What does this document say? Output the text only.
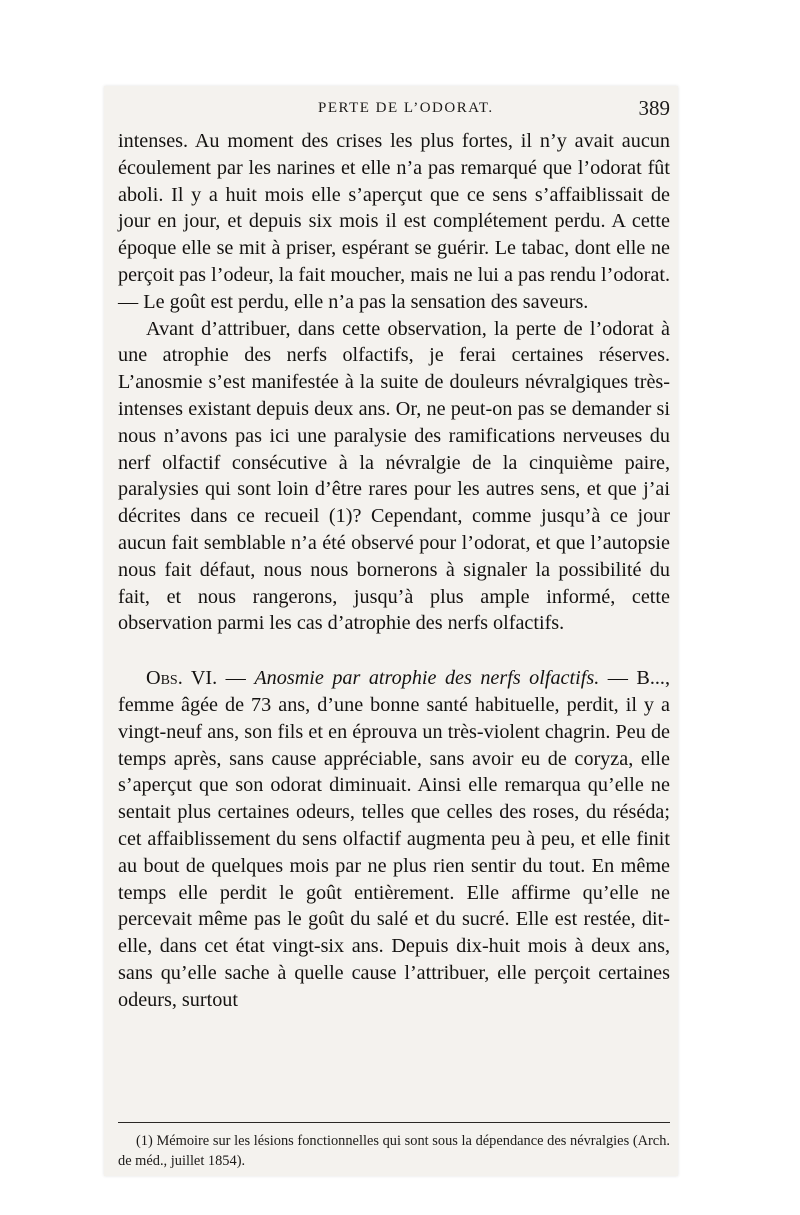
PERTE DE L’ODORAT.	389

intenses. Au moment des crises les plus fortes, il n’y avait aucun écoulement par les narines et elle n’a pas remarqué que l’odorat fût aboli. Il y a huit mois elle s’aperçut que ce sens s’affaiblissait de jour en jour, et depuis six mois il est complétement perdu. A cette époque elle se mit à priser, espérant se guérir. Le tabac, dont elle ne perçoit pas l’odeur, la fait moucher, mais ne lui a pas rendu l’odorat.— Le goût est perdu, elle n’a pas la sensation des saveurs.

Avant d’attribuer, dans cette observation, la perte de l’odorat à une atrophie des nerfs olfactifs, je ferai certaines réserves. L’anosmie s’est manifestée à la suite de douleurs névralgiques très-intenses existant depuis deux ans. Or, ne peut-on pas se demander si nous n’avons pas ici une paralysie des ramifications nerveuses du nerf olfactif consécutive à la névralgie de la cinquième paire, paralysies qui sont loin d’être rares pour les autres sens, et que j’ai décrites dans ce recueil (1)? Cependant, comme jusqu’à ce jour aucun fait semblable n’a été observé pour l’odorat, et que l’autopsie nous fait défaut, nous nous bornerons à signaler la possibilité du fait, et nous rangerons, jusqu’à plus ample informé, cette observation parmi les cas d’atrophie des nerfs olfactifs.

Obs. VI. — Anosmie par atrophie des nerfs olfactifs. — B..., femme âgée de 73 ans, d’une bonne santé habituelle, perdit, il y a vingt-neuf ans, son fils et en éprouva un très-violent chagrin. Peu de temps après, sans cause appréciable, sans avoir eu de coryza, elle s’aperçut que son odorat diminuait. Ainsi elle remarqua qu’elle ne sentait plus certaines odeurs, telles que celles des roses, du réséda; cet affaiblissement du sens olfactif augmenta peu à peu, et elle finit au bout de quelques mois par ne plus rien sentir du tout. En même temps elle perdit le goût entièrement. Elle affirme qu’elle ne percevait même pas le goût du salé et du sucré. Elle est restée, dit-elle, dans cet état vingt-six ans. Depuis dix-huit mois à deux ans, sans qu’elle sache à quelle cause l’attribuer, elle perçoit certaines odeurs, surtout

(1) Mémoire sur les lésions fonctionnelles qui sont sous la dépendance des névralgies (Arch. de méd., juillet 1854).
